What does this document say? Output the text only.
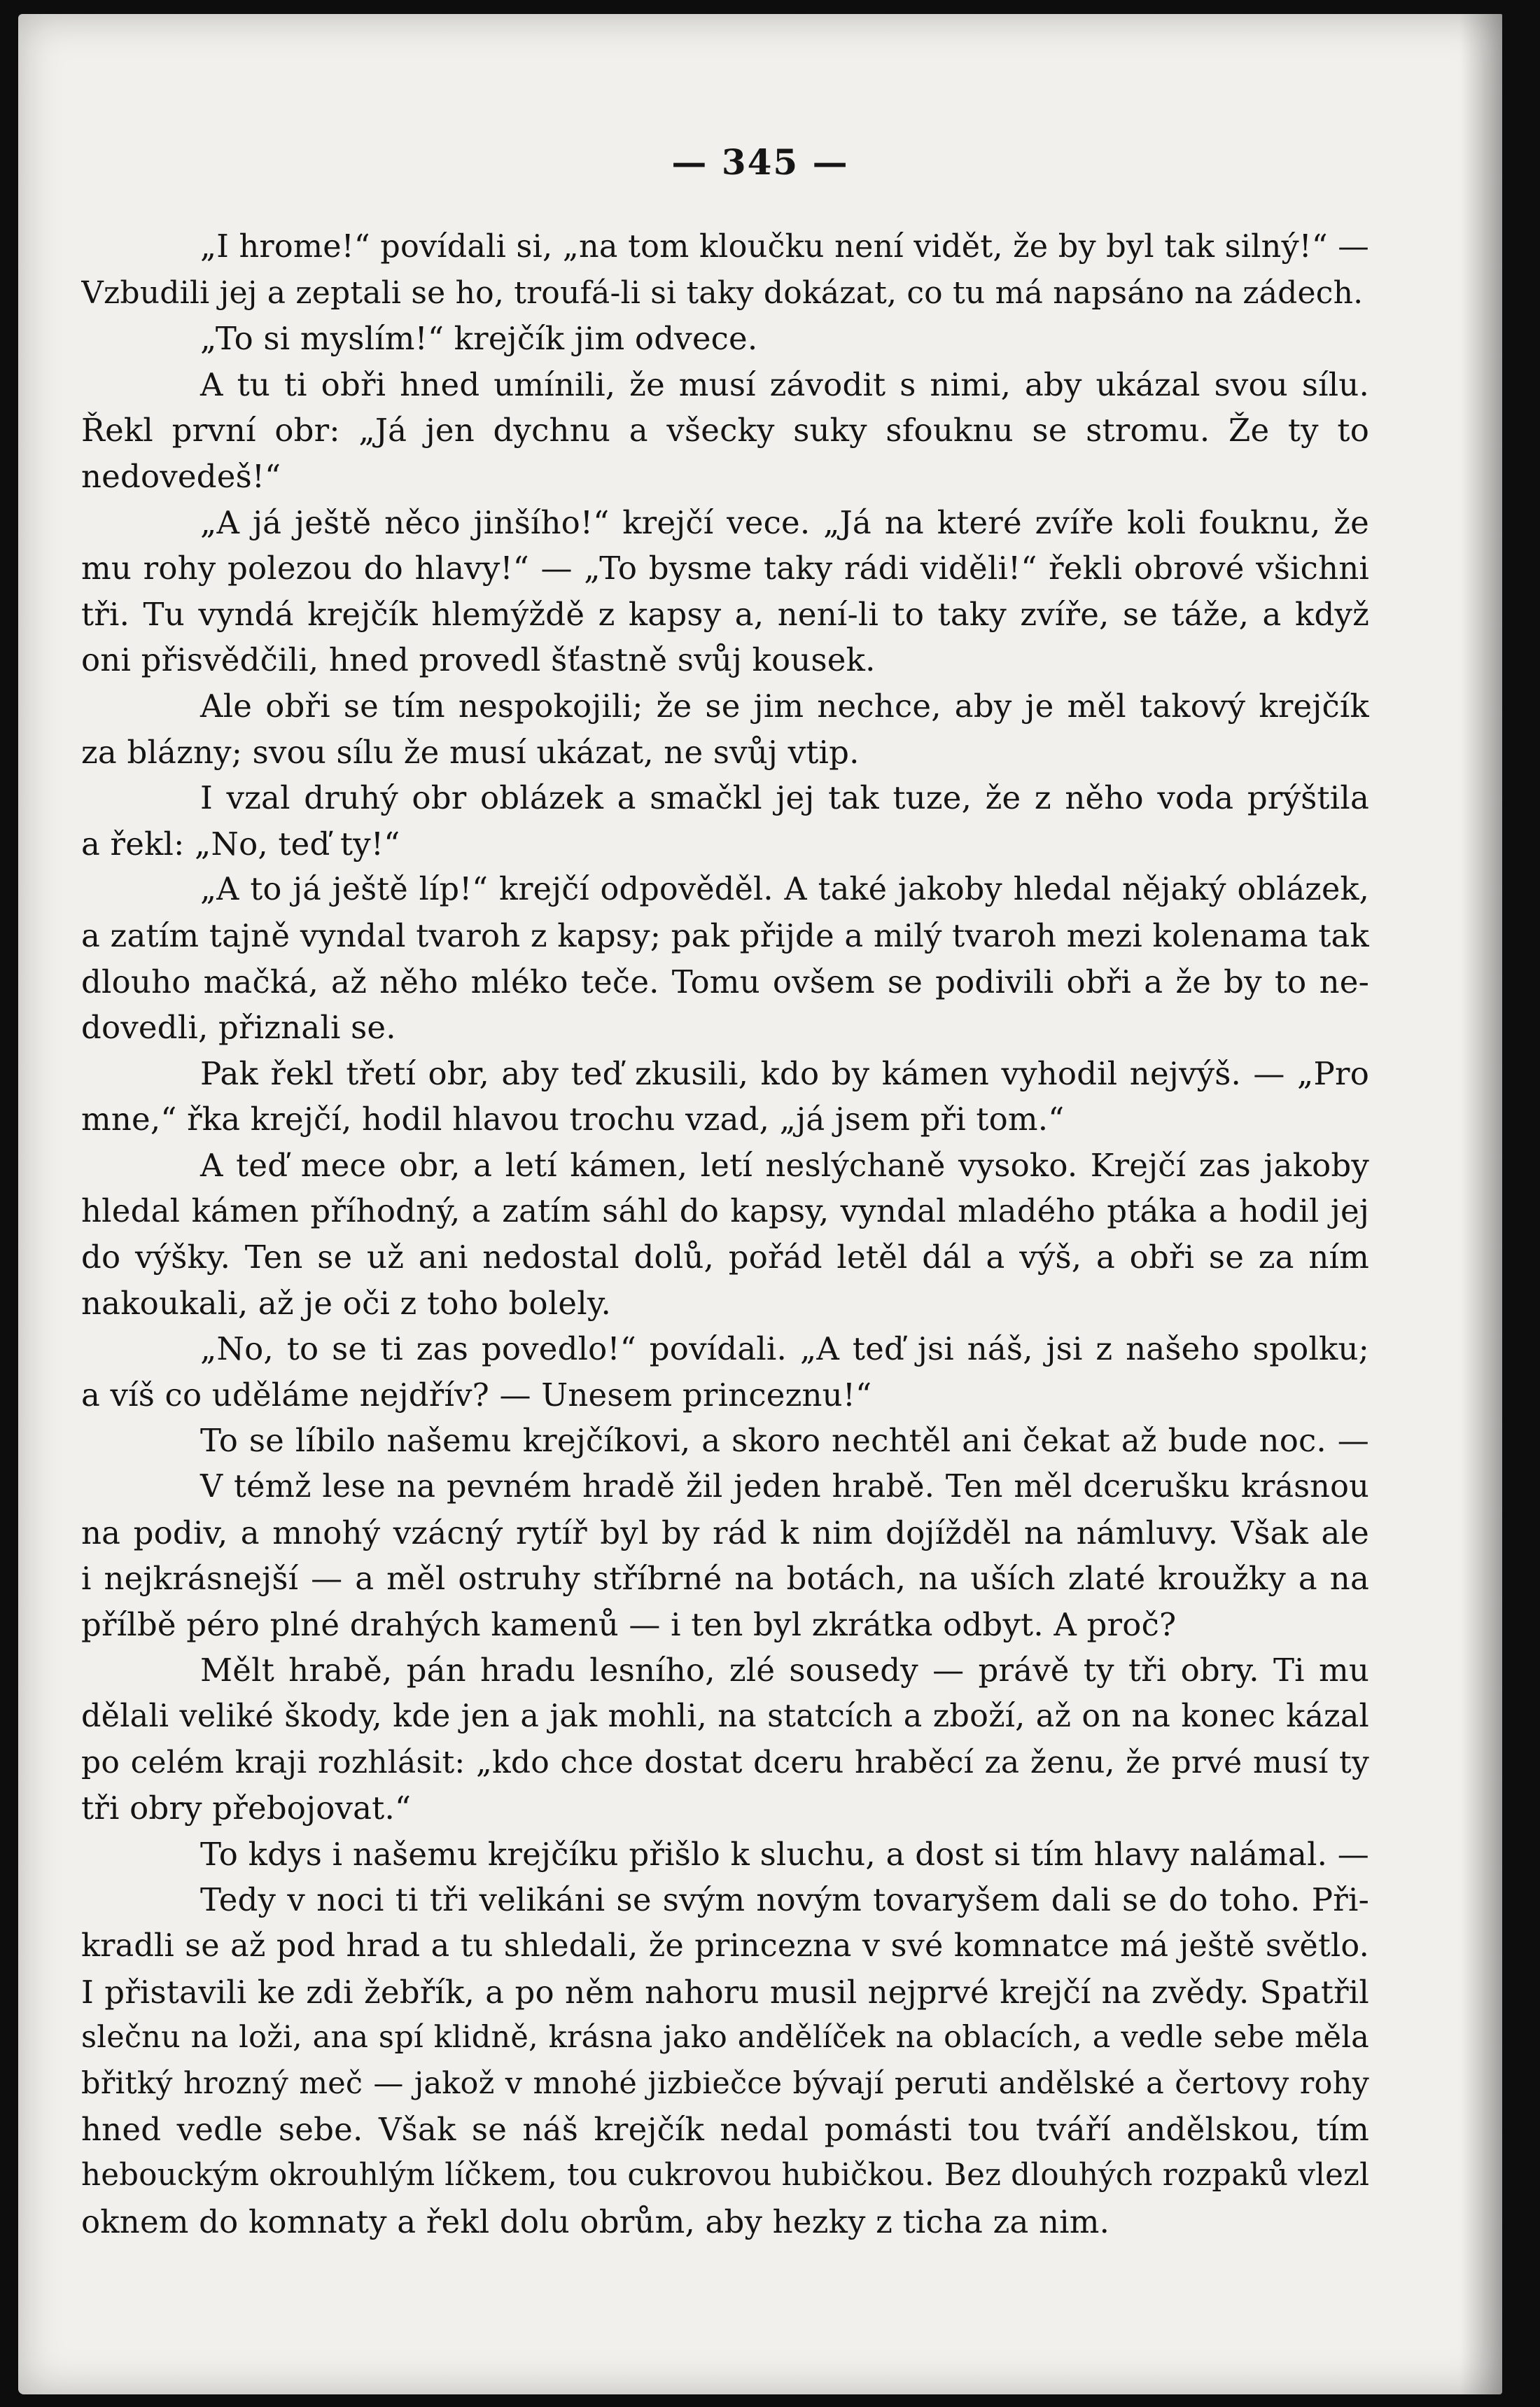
— 345 —
„I hrome!“ povídali si, „na tom kloučku není vidět, že by byl tak silný!“ —
Vzbudili jej a zeptali se ho, troufá-li si taky dokázat, co tu má napsáno na zádech.
„To si myslím!“ krejčík jim odvece.
A tu ti obři hned umínili, že musí závodit s nimi, aby ukázal svou sílu.
Řekl první obr: „Já jen dychnu a všecky suky sfouknu se stromu. Že ty to
nedovedeš!“
„A já ještě něco jinšího!“ krejčí vece. „Já na které zvíře koli fouknu, že
mu rohy polezou do hlavy!“ — „To bysme taky rádi viděli!“ řekli obrové všichni
tři. Tu vyndá krejčík hlemýždě z kapsy a, není-li to taky zvíře, se táže, a když
oni přisvědčili, hned provedl šťastně svůj kousek.
Ale obři se tím nespokojili; že se jim nechce, aby je měl takový krejčík
za blázny; svou sílu že musí ukázat, ne svůj vtip.
I vzal druhý obr oblázek a smačkl jej tak tuze, že z něho voda prýštila
a řekl: „No, teď ty!“
„A to já ještě líp!“ krejčí odpověděl. A také jakoby hledal nějaký oblázek,
a zatím tajně vyndal tvaroh z kapsy; pak přijde a milý tvaroh mezi kolenama tak
dlouho mačká, až něho mléko teče. Tomu ovšem se podivili obři a že by to ne-
dovedli, přiznali se.
Pak řekl třetí obr, aby teď zkusili, kdo by kámen vyhodil nejvýš. — „Pro
mne,“ řka krejčí, hodil hlavou trochu vzad, „já jsem při tom.“
A teď mece obr, a letí kámen, letí neslýchaně vysoko. Krejčí zas jakoby
hledal kámen příhodný, a zatím sáhl do kapsy, vyndal mladého ptáka a hodil jej
do výšky. Ten se už ani nedostal dolů, pořád letěl dál a výš, a obři se za ním
nakoukali, až je oči z toho bolely.
„No, to se ti zas povedlo!“ povídali. „A teď jsi náš, jsi z našeho spolku;
a víš co uděláme nejdřív? — Unesem princeznu!“
To se líbilo našemu krejčíkovi, a skoro nechtěl ani čekat až bude noc. —
V témž lese na pevném hradě žil jeden hrabě. Ten měl dcerušku krásnou
na podiv, a mnohý vzácný rytíř byl by rád k nim dojížděl na námluvy. Však ale
i nejkrásnejší — a měl ostruhy stříbrné na botách, na uších zlaté kroužky a na
přílbě péro plné drahých kamenů — i ten byl zkrátka odbyt. A proč?
Mělt hrabě, pán hradu lesního, zlé sousedy — právě ty tři obry. Ti mu
dělali veliké škody, kde jen a jak mohli, na statcích a zboží, až on na konec kázal
po celém kraji rozhlásit: „kdo chce dostat dceru hraběcí za ženu, že prvé musí ty
tři obry přebojovat.“
To kdys i našemu krejčíku přišlo k sluchu, a dost si tím hlavy nalámal. —
Tedy v noci ti tři velikáni se svým novým tovaryšem dali se do toho. Při-
kradli se až pod hrad a tu shledali, že princezna v své komnatce má ještě světlo.
I přistavili ke zdi žebřík, a po něm nahoru musil nejprvé krejčí na zvědy. Spatřil
slečnu na loži, ana spí klidně, krásna jako andělíček na oblacích, a vedle sebe měla
břitký hrozný meč — jakož v mnohé jizbiečce bývají peruti andělské a čertovy rohy
hned vedle sebe. Však se náš krejčík nedal pomásti tou tváří andělskou, tím
hebouckým okrouhlým líčkem, tou cukrovou hubičkou. Bez dlouhých rozpaků vlezl
oknem do komnaty a řekl dolu obrům, aby hezky z ticha za nim.
